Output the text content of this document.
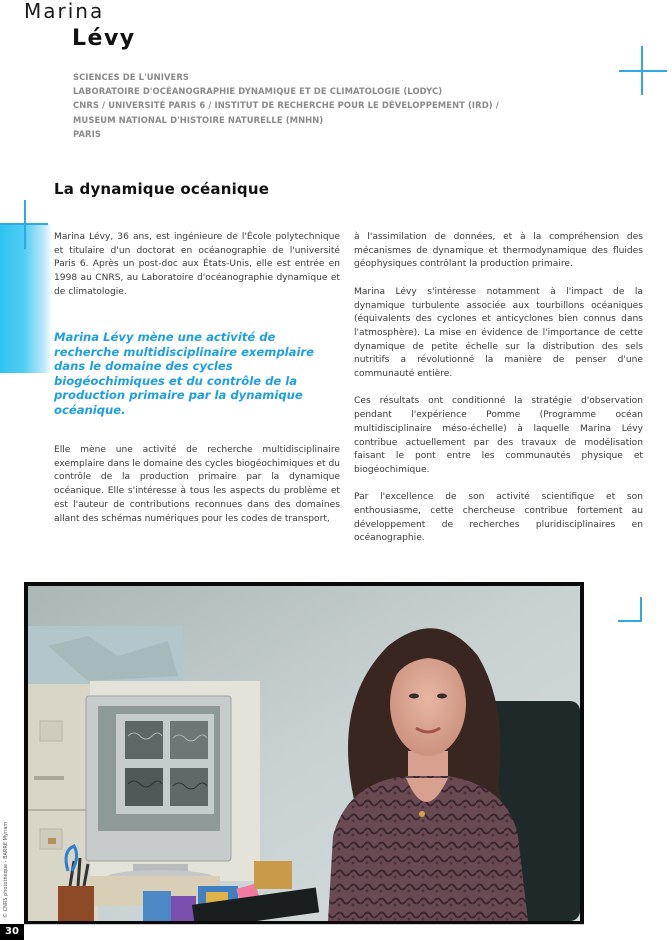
Marina
Lévy
SCIENCES DE L'UNIVERS
LABORATOIRE D'OCÉANOGRAPHIE DYNAMIQUE ET DE CLIMATOLOGIE (LODYC)
CNRS / UNIVERSITÉ PARIS 6 / INSTITUT DE RECHERCHE POUR LE DÉVELOPPEMENT (IRD) /
MUSEUM NATIONAL D'HISTOIRE NATURELLE (MNHN)
PARIS
La dynamique océanique

Marina Lévy, 36 ans, est ingénieure de l'École polytechnique et titulaire d'un doctorat en océanographie de l'université Paris 6. Après un post-doc aux États-Unis, elle est entrée en 1998 au CNRS, au Laboratoire d'océanographie dynamique et de climatologie.

Marina Lévy mène une activité de recherche multidisciplinaire exemplaire dans le domaine des cycles biogéochimiques et du contrôle de la production primaire par la dynamique océanique.

Elle mène une activité de recherche multidisciplinaire exemplaire dans le domaine des cycles biogéochimiques et du contrôle de la production primaire par la dynamique océanique. Elle s'intéresse à tous les aspects du problème et est l'auteur de contributions reconnues dans des domaines allant des schémas numériques pour les codes de transport,

à l'assimilation de données, et à la compréhension des mécanismes de dynamique et thermodynamique des fluides géophysiques contrôlant la production primaire.

Marina Lévy s'intéresse notamment à l'impact de la dynamique turbulente associée aux tourbillons océaniques (équivalents des cyclones et anticyclones bien connus dans l'atmosphère). La mise en évidence de l'importance de cette dynamique de petite échelle sur la distribution des sels nutritifs a révolutionné la manière de penser d'une communauté entière.

Ces résultats ont conditionné la stratégie d'observation pendant l'expérience Pomme (Programme océan multidisciplinaire méso-échelle) à laquelle Marina Lévy contribue actuellement par des travaux de modélisation faisant le pont entre les communautés physique et biogéochimique.

Par l'excellence de son activité scientifique et son enthousiasme, cette chercheuse contribue fortement au développement de recherches pluridisciplinaires en océanographie.

© CNRS photothèque - BARRE Myriam
30
